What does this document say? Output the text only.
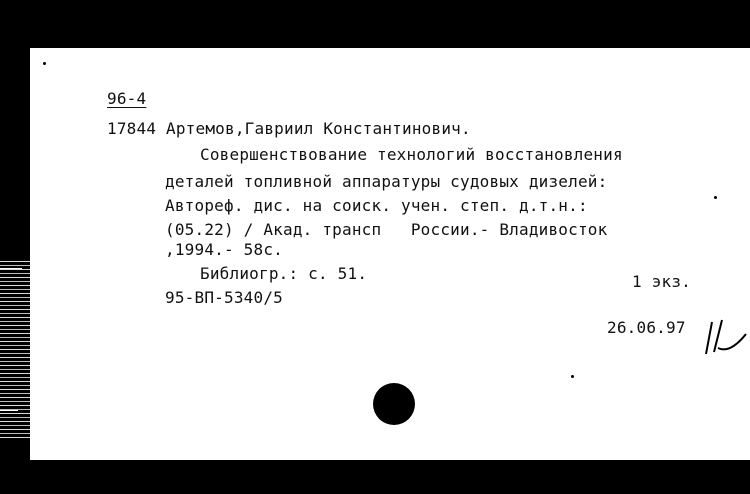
96-4
17844 Артемов,Гавриил Константинович.
Совершенствование технологий восстановления
деталей топливной аппаратуры судовых дизелей:
Автореф. дис. на соиск. учен. степ. д.т.н.:
(05.22) / Акад. трансп   России.- Владивосток
,1994.- 58с.
Библиогр.: с. 51.	1 экз.
95-ВП-5340/5
26.06.97
